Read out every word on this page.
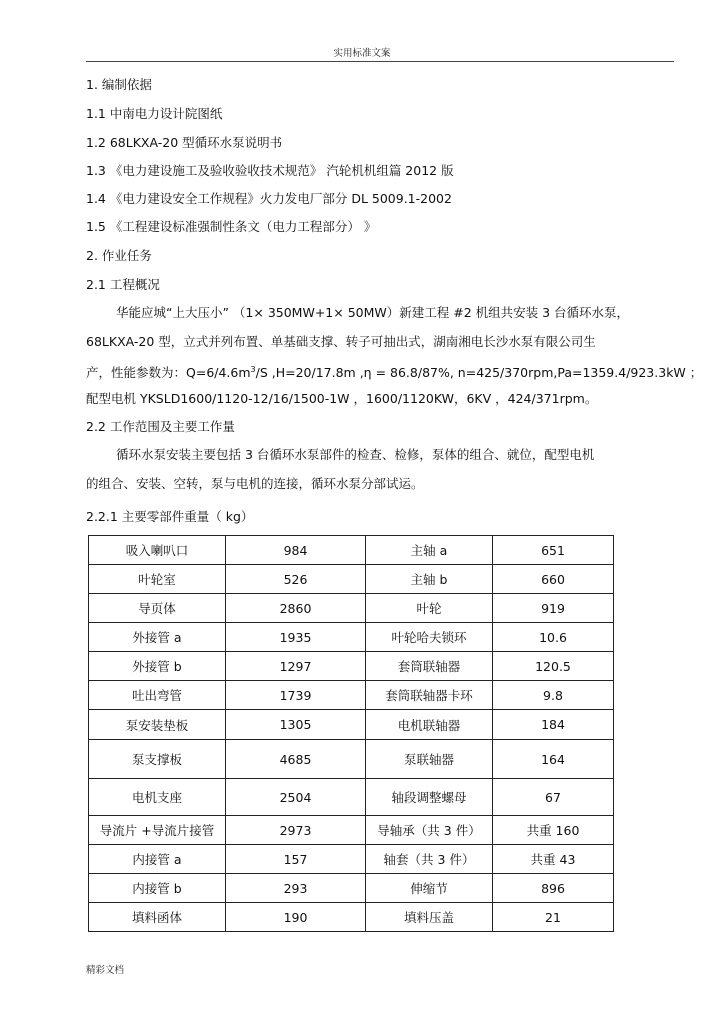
实用标准文案
1. 编制依据
1.1 中南电力设计院图纸
1.2 68LKXA-20 型循环水泵说明书
1.3 《电力建设施工及验收验收技术规范》 汽轮机机组篇 2012 版
1.4 《电力建设安全工作规程》火力发电厂部分 DL 5009.1-2002
1.5 《工程建设标准强制性条文（电力工程部分） 》
2. 作业任务
2.1 工程概况
华能应城“上大压小” （1× 350MW+1× 50MW）新建工程 #2 机组共安装 3 台循环水泵，
68LKXA-20 型，立式并列布置、单基础支撑、转子可抽出式，湖南湘电长沙水泵有限公司生
产，性能参数为：$Q=6/4.6m^3/S$ ,H=20/17.8m ,η = 86.8/87%, n=425/370rpm,Pa=1359.4/923.3kW ；
配型电机 YKSLD1600/1120-12/16/1500-1W ，1600/1120KW，6KV ，424/371rpm。
2.2 工作范围及主要工作量
循环水泵安装主要包括 3 台循环水泵部件的检查、检修，泵体的组合、就位，配型电机
的组合、安装、空转，泵与电机的连接，循环水泵分部试运。
2.2.1 主要零部件重量（ kg）
吸入喇叭口	984	主轴 a	651
叶轮室	526	主轴 b	660
导页体	2860	叶轮	919
外接管 a	1935	叶轮哈夫锁环	10.6
外接管 b	1297	套筒联轴器	120.5
吐出弯管	1739	套筒联轴器卡环	9.8
泵安装垫板	1305	电机联轴器	184
泵支撑板	4685	泵联轴器	164
电机支座	2504	轴段调整螺母	67
导流片 +导流片接管	2973	导轴承（共 3 件）	共重 160
内接管 a	157	轴套（共 3 件）	共重 43
内接管 b	293	伸缩节	896
填料函体	190	填料压盖	21
精彩文档
